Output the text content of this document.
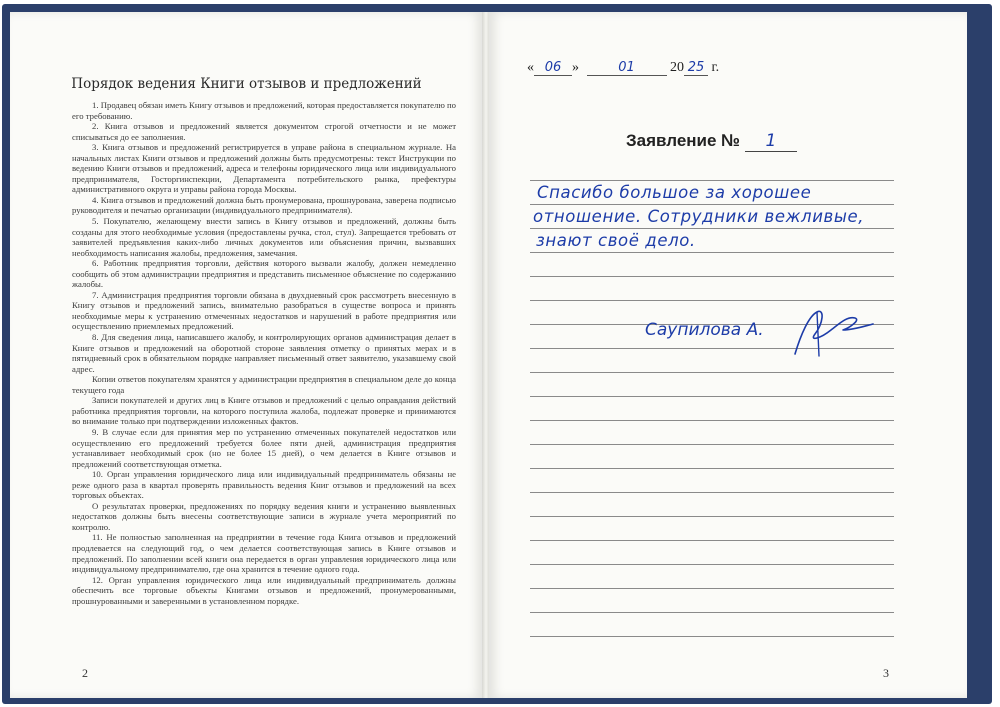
Порядок ведения Книги отзывов и предложений

1. Продавец обязан иметь Книгу отзывов и предложений, которая предоставляется покупателю по его требованию.

2. Книга отзывов и предложений является документом строгой отчетности и не может списываться до ее заполнения.

3. Книга отзывов и предложений регистрируется в управе района в специальном журнале. На начальных листах Книги отзывов и предложений должны быть предусмотрены: текст Инструкции по ведению Книги отзывов и предложений, адреса и телефоны юридического лица или индивидуального предпринимателя, Госторгинспекции, Департамента потребительского рынка, префектуры административного округа и управы района города Москвы.

4. Книга отзывов и предложений должна быть пронумерована, прошнурована, заверена подписью руководителя и печатью организации (индивидуального предпринимателя).

5. Покупателю, желающему внести запись в Книгу отзывов и предложений, должны быть созданы для этого необходимые условия (предоставлены ручка, стол, стул). Запрещается требовать от заявителей предъявления каких-либо личных документов или объяснения причин, вызвавших необходимость написания жалобы, предложения, замечания.

6. Работник предприятия торговли, действия которого вызвали жалобу, должен немедленно сообщить об этом администрации предприятия и представить письменное объяснение по содержанию жалобы.

7. Администрация предприятия торговли обязана в двухдневный срок рассмотреть внесенную в Книгу отзывов и предложений запись, внимательно разобраться в существе вопроса и принять необходимые меры к устранению отмеченных недостатков и нарушений в работе предприятия или осуществлению приемлемых предложений.

8. Для сведения лица, написавшего жалобу, и контролирующих органов администрация делает в Книге отзывов и предложений на оборотной стороне заявления отметку о принятых мерах и в пятидневный срок в обязательном порядке направляет письменный ответ заявителю, указавшему свой адрес.

Копии ответов покупателям хранятся у администрации предприятия в специальном деле до конца текущего года

Записи покупателей и других лиц в Книге отзывов и предложений с целью оправдания действий работника предприятия торговли, на которого поступила жалоба, подлежат проверке и принимаются во внимание только при подтверждении изложенных фактов.

9. В случае если для принятия мер по устранению отмеченных покупателей недостатков или осуществлению его предложений требуется более пяти дней, администрация предприятия устанавливает необходимый срок (но не более 15 дней), о чем делается в Книге отзывов и предложений соответствующая отметка.

10. Орган управления юридического лица или индивидуальный предприниматель обязаны не реже одного раза в квартал проверять правильность ведения Книг отзывов и предложений на всех торговых объектах.

О результатах проверки, предложениях по порядку ведения книги и устранению выявленных недостатков должны быть внесены соответствующие записи в журнале учета мероприятий по контролю.

11. Не полностью заполненная на предприятии в течение года Книга отзывов и предложений продлевается на следующий год, о чем делается соответствующая запись в Книге отзывов и предложений. По заполнении всей книги она передается в орган управления юридического лица или индивидуальному предпринимателю, где она хранится в течение одного года.

12. Орган управления юридического лица или индивидуальный предприниматель должны обеспечить все торговые объекты Книгами отзывов и предложений, пронумерованными, прошнурованными и заверенными в установленном порядке.

2
« 06 »	01	20 25 г.
Заявление № 1
Спасибо большое за хорошее
отношение. Сотрудники вежливые,
знают своё дело.
Саупилова А.
3
